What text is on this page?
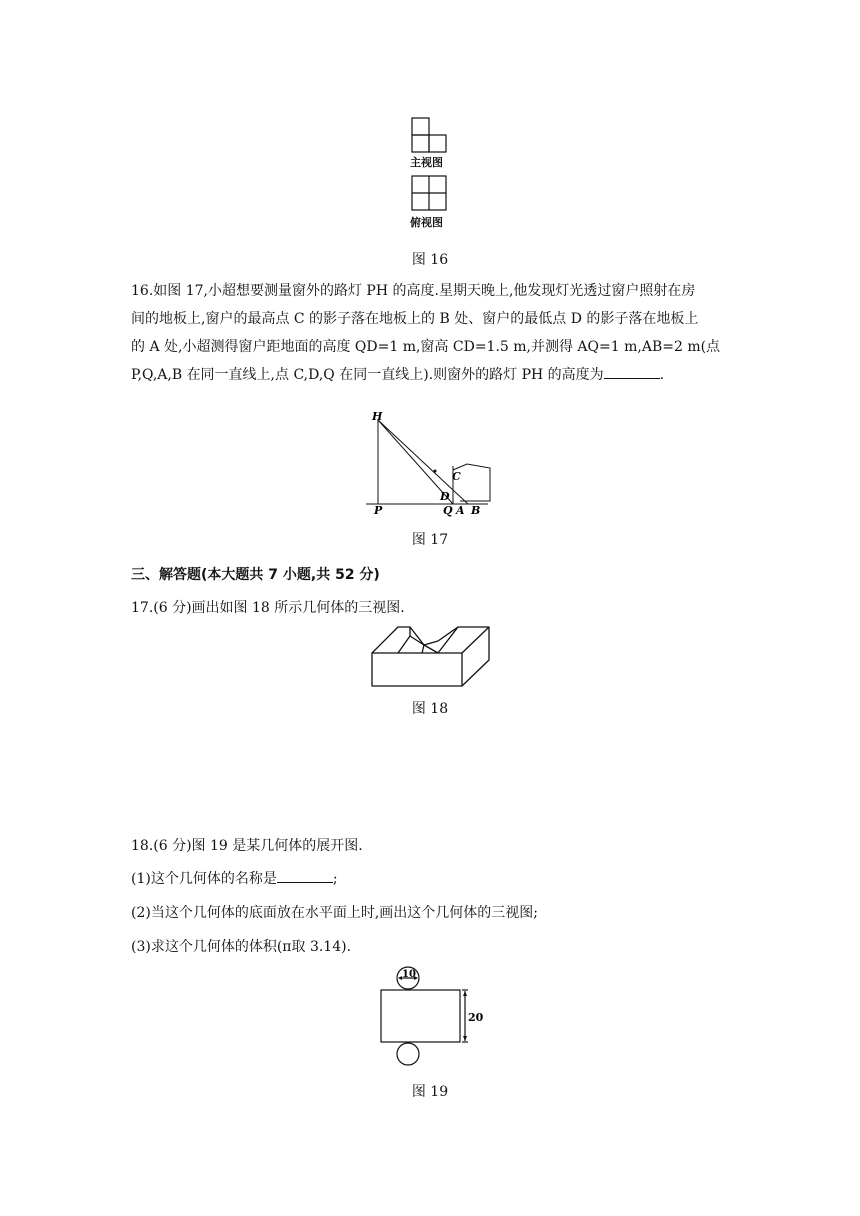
主视图
俯视图
图 16
16.如图 17,小超想要测量窗外的路灯 PH 的高度.星期天晚上,他发现灯光透过窗户照射在房
间的地板上,窗户的最高点 C 的影子落在地板上的 B 处、窗户的最低点 D 的影子落在地板上
的 A 处,小超测得窗户距地面的高度 QD=1 m,窗高 CD=1.5 m,并测得 AQ=1 m,AB=2 m(点
P,Q,A,B 在同一直线上,点 C,D,Q 在同一直线上).则窗外的路灯 PH 的高度为	.
H
C
D
P	Q A B
图 17
三、解答题(本大题共 7 小题,共 52 分)
17.(6 分)画出如图 18 所示几何体的三视图.
图 18
18.(6 分)图 19 是某几何体的展开图.
(1)这个几何体的名称是	;
(2)当这个几何体的底面放在水平面上时,画出这个几何体的三视图;
(3)求这个几何体的体积(π取 3.14).
10
20
图 19
